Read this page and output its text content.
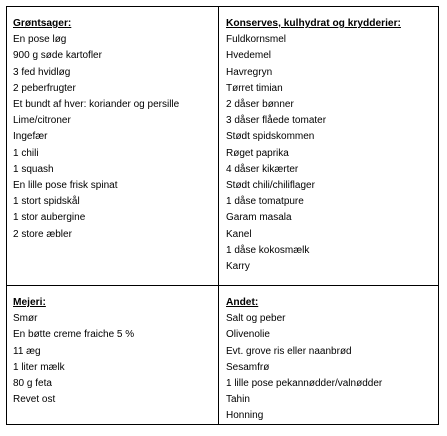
Grøntsager:
En pose løg
900 g søde kartofler
3 fed hvidløg
2 peberfrugter
Et bundt af hver: koriander og persille
Lime/citroner
Ingefær
1 chili
1 squash
En lille pose frisk spinat
1 stort spidskål
1 stor aubergine
2 store æbler
Konserves, kulhydrat og krydderier:
Fuldkornsmel
Hvedemel
Havregryn
Tørret timian
2 dåser bønner
3 dåser flåede tomater
Stødt spidskommen
Røget paprika
4 dåser kikærter
Stødt chili/chiliflager
1 dåse tomatpure
Garam masala
Kanel
1 dåse kokosmælk
Karry
Mejeri:
Smør
En bøtte creme fraiche 5 %
11 æg
1 liter mælk
80 g feta
Revet ost
Andet:
Salt og peber
Olivenolie
Evt. grove ris eller naanbrød
Sesamfrø
1 lille pose pekannødder/valnødder
Tahin
Honning
